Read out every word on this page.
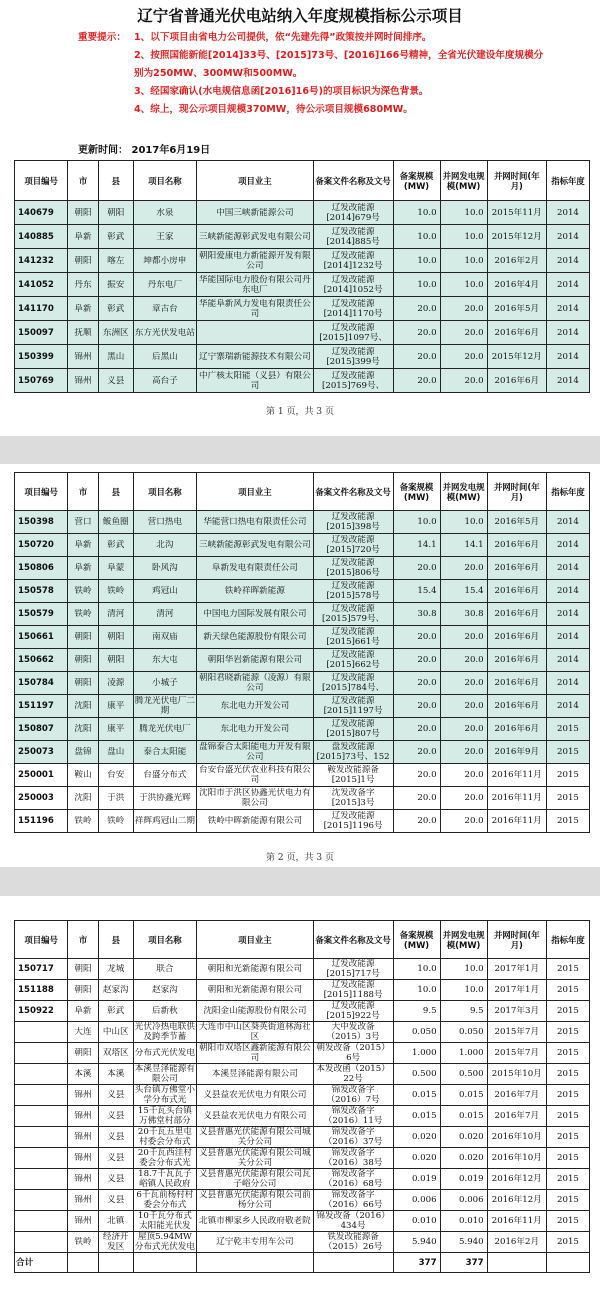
辽宁省普通光伏电站纳入年度规模指标公示项目
重要提示： 1、以下项目由省电力公司提供，依“先建先得”政策按并网时间排序。

2、按照国能新能[2014]33号、[2015]73号、[2016]166号精神，全省光伏建设年度规模分

别为250MW、300MW和500MW。

3、经国家确认(水电规信息函[2016]16号)的项目标识为深色背景。

4、综上，现公示项目规模370MW，待公示项目规模680MW。

更新时间： 2017年6月19日
项目编号	市	县	项目名称	项目业主	备案文件名称及文号	备案规模(MW)	并网发电规模(MW)	并网时间(年月)	指标年度

140679	朝阳	朝阳	水泉	中国三峡新能源公司	辽发改能源[2014]679号	10.0	10.0	2015年11月	2014

140885	阜新	彰武	王家	三峡新能源彰武发电有限公司	辽发改能源[2014]885号	10.0	10.0	2015年12月	2014

141232	朝阳	喀左	坤都小房申	朝阳爱康电力新能源开发有限公司	辽发改能源[2014]1232号	10.0	10.0	2016年2月	2014

141052	丹东	振安	丹东电厂	华能国际电力股份有限公司丹东电厂	辽发改能源[2014]1052号	10.0	10.0	2016年4月	2014

141170	阜新	彰武	章古台	华能阜新风力发电有限责任公司	辽发改能源[2014]1170号	20.0	20.0	2016年5月	2014

150097	抚顺	东洲区	东方光伏发电站		辽发改能源[2015]1097号、	20.0	20.0	2016年6月	2014

150399	锦州	黑山	后黑山	辽宁寨瑞新能源技术有限公司	辽发改能源[2015]399号	20.0	20.0	2015年12月	2014

150769	锦州	义县	高台子	中广核太阳能（义县）有限公司	辽发改能源[2015]769号、	20.0	20.0	2016年6月	2014
第 1 页，共 3 页
项目编号	市	县	项目名称	项目业主	备案文件名称及文号	备案规模(MW)	并网发电规模(MW)	并网时间(年月)	指标年度

150398	营口	鲅鱼圈	营口热电	华能营口热电有限责任公司	辽发改能源[2015]398号	10.0	10.0	2016年5月	2014

150720	阜新	彰武	北沟	三峡新能源彰武发电有限公司	辽发改能源[2015]720号	14.1	14.1	2016年6月	2014

150806	阜新	阜蒙	卧风沟	阜新发电有限责任公司	辽发改能源[2015]806号	20.0	20.0	2016年6月	2014

150578	铁岭	铁岭	鸡冠山	铁岭祥晖新能源	辽发改能源[2015]578号	15.4	15.4	2016年6月	2014

150579	铁岭	清河	清河	中国电力国际发展有限公司	辽发改能源[2015]579号、	30.8	30.8	2016年6月	2014

150661	朝阳	朝阳	南双庙	新天绿色能源股份有限公司	辽发改能源[2015]661号	20.0	20.0	2016年6月	2014

150662	朝阳	朝阳	东大屯	朝阳华岩新能源有限公司	辽发改能源[2015]662号	20.0	20.0	2016年6月	2014

150784	朝阳	凌源	小城子	朝阳君晓新能源（凌源）有限公司	辽发改能源[2015]784号、	20.0	20.0	2016年6月	2014

151197	沈阳	康平	腾龙光伏电厂二期	东北电力开发公司	辽发改能源[2015]1197号	20.0	20.0	2016年6月	2014

150807	沈阳	康平	腾龙光伏电厂	东北电力开发公司	辽发改能源[2015]807号	20.0	20.0	2016年6月	2015

250073	盘锦	盘山	泰合太阳能	盘锦泰合太阳能电力开发有限公司	盘发改能源[2015]73号、152	20.0	20.0	2016年9月	2015

250001	鞍山	台安	台盛分布式	台安台盛光伏农业科技有限公司	鞍发改能源备[2015]1号	20.0	20.0	2016年11月	2015

250003	沈阳	于洪	于洪协鑫光辉	沈阳市于洪区协鑫光伏电力有限公司	沈发改备字[2015]3号	20.0	20.0	2016年11月	2015

151196	铁岭	铁岭	祥辉鸡冠山二期	铁岭中晖新能源有限公司	辽发改能源[2015]1196号	20.0	20.0	2016年11月	2015
第 2 页，共 3 页
项目编号	市	县	项目名称	项目业主	备案文件名称及文号	备案规模(MW)	并网发电规模(MW)	并网时间(年月)	指标年度

150717	朝阳	龙城	联合	朝阳和光新能源有限公司	辽发改能源[2015]717号	10.0	10.0	2017年1月	2015

151188	朝阳	赵家沟	赵家沟	朝阳和光新能源有限公司	辽发改能源[2015]1188号	10.0	10.0	2017年1月	2015

150922	阜新	彰武	后新秋	沈阳金山能源股份有限公司	辽发改能源[2015]922号	9.5	9.5	2017年3月	2015

	大连	中山区	光伏冷热电联供及跨季节蓄	大连市中山区葵英街道林海社区	大中发改备（2015）3号	0.050	0.050	2015年7月	2015

	朝阳	双塔区	分布式光伏发电	朝阳市双塔区鑫新能源有限公司	朝发改备（2015）6号	1.000	1.000	2015年7月	2015

	本溪	本溪	本溪昱泽能源有限公司	本溪昱泽能源有限公司	本发改函（2015）22号	0.500	0.500	2015年10月	2015

	锦州	义县	头台镇万佛堂小学分布式光	义县益农光伏电力有限公司	锦发改备字（2016）7号	0.015	0.015	2016年7月	2015

	锦州	义县	15千瓦头台镇万佛堂村部分	义县益农光伏电力有限公司	锦发改备字（2016）11号	0.015	0.015	2016年7月	2015

	锦州	义县	20千瓦五里屯村委会分布式	义县普惠光伏能源有限公司城关分公司	锦发改备字（2016）37号	0.020	0.020	2016年10月	2015

	锦州	义县	20千瓦西洼村委会分布式光	义县普惠光伏能源有限公司城关分公司	锦发改备字（2016）38号	0.020	0.020	2016年10月	2015

	锦州	义县	18.7千瓦瓦子峪镇人民政府	义县普惠光伏能源有限公司瓦子峪分公司	锦发改备字（2016）68号	0.019	0.019	2016年12月	2015

	锦州	义县	6千瓦前杨村村委会分布式	义县普惠光伏能源有限公司前杨分公司	锦发改备字（2016）66号	0.006	0.006	2016年12月	2015

	锦州	北镇	10千瓦分布式太阳能光伏发	北镇市柳家乡人民政府敬老院	锦发改备（2016）434号	0.010	0.010	2016年11月	2015

	铁岭	经济开发区	屋顶5.94MW分布式光伏发电	辽宁乾丰专用车公司	铁发改能源备（2015）26号	5.940	5.940	2016年2月	2015

合计						377	377		
